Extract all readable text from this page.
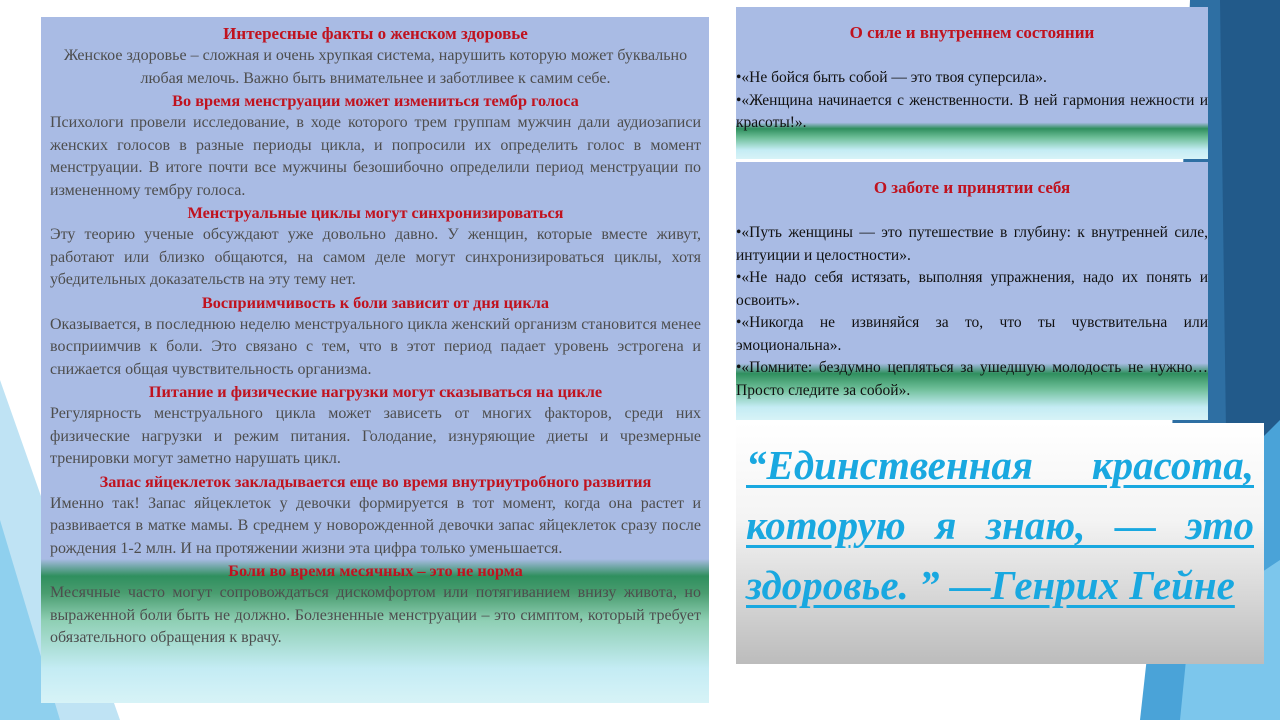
Интересные факты о женском здоровье

Женское здоровье – сложная и очень хрупкая система, нарушить которую может буквально любая мелочь. Важно быть внимательнее и заботливее к самим себе.

Во время менструации может измениться тембр голоса

Психологи провели исследование, в ходе которого трем группам мужчин дали аудиозаписи женских голосов в разные периоды цикла, и попросили их определить голос в момент менструации. В итоге почти все мужчины безошибочно определили период менструации по измененному тембру голоса.

Менструальные циклы могут синхронизироваться

Эту теорию ученые обсуждают уже довольно давно. У женщин, которые вместе живут, работают или близко общаются, на самом деле могут синхронизироваться циклы, хотя убедительных доказательств на эту тему нет.

Восприимчивость к боли зависит от дня цикла

Оказывается, в последнюю неделю менструального цикла женский организм становится менее восприимчив к боли. Это связано с тем, что в этот период падает уровень эстрогена и снижается общая чувствительность организма.

Питание и физические нагрузки могут сказываться на цикле

Регулярность менструального цикла может зависеть от многих факторов, среди них физические нагрузки и режим питания. Голодание, изнуряющие диеты и чрезмерные тренировки могут заметно нарушать цикл.

Запас яйцеклеток закладывается еще во время внутриутробного развития

Именно так! Запас яйцеклеток у девочки формируется в тот момент, когда она растет и развивается в матке мамы. В среднем у новорожденной девочки запас яйцеклеток сразу после рождения 1-2 млн. И на протяжении жизни эта цифра только уменьшается.

Боли во время месячных – это не норма

Месячные часто могут сопровождаться дискомфортом или потягиванием внизу живота, но выраженной боли быть не должно. Болезненные менструации – это симптом, который требует обязательного обращения к врачу.

О силе и внутреннем состоянии

•«Не бойся быть собой — это твоя суперсила».
•«Женщина начинается с женственности. В ней гармония нежности и красоты!».

О заботе и принятии себя

•«Путь женщины — это путешествие в глубину: к внутренней силе, интуиции и целостности».
•«Не надо себя истязать, выполняя упражнения, надо их понять и освоить».
•«Никогда не извиняйся за то, что ты чувствительна или эмоциональна».
•«Помните: бездумно цепляться за ушедшую молодость не нужно… Просто следите за собой».

“Единственная красота, которую я знаю, — это здоровье. ” —Генрих Гейне
